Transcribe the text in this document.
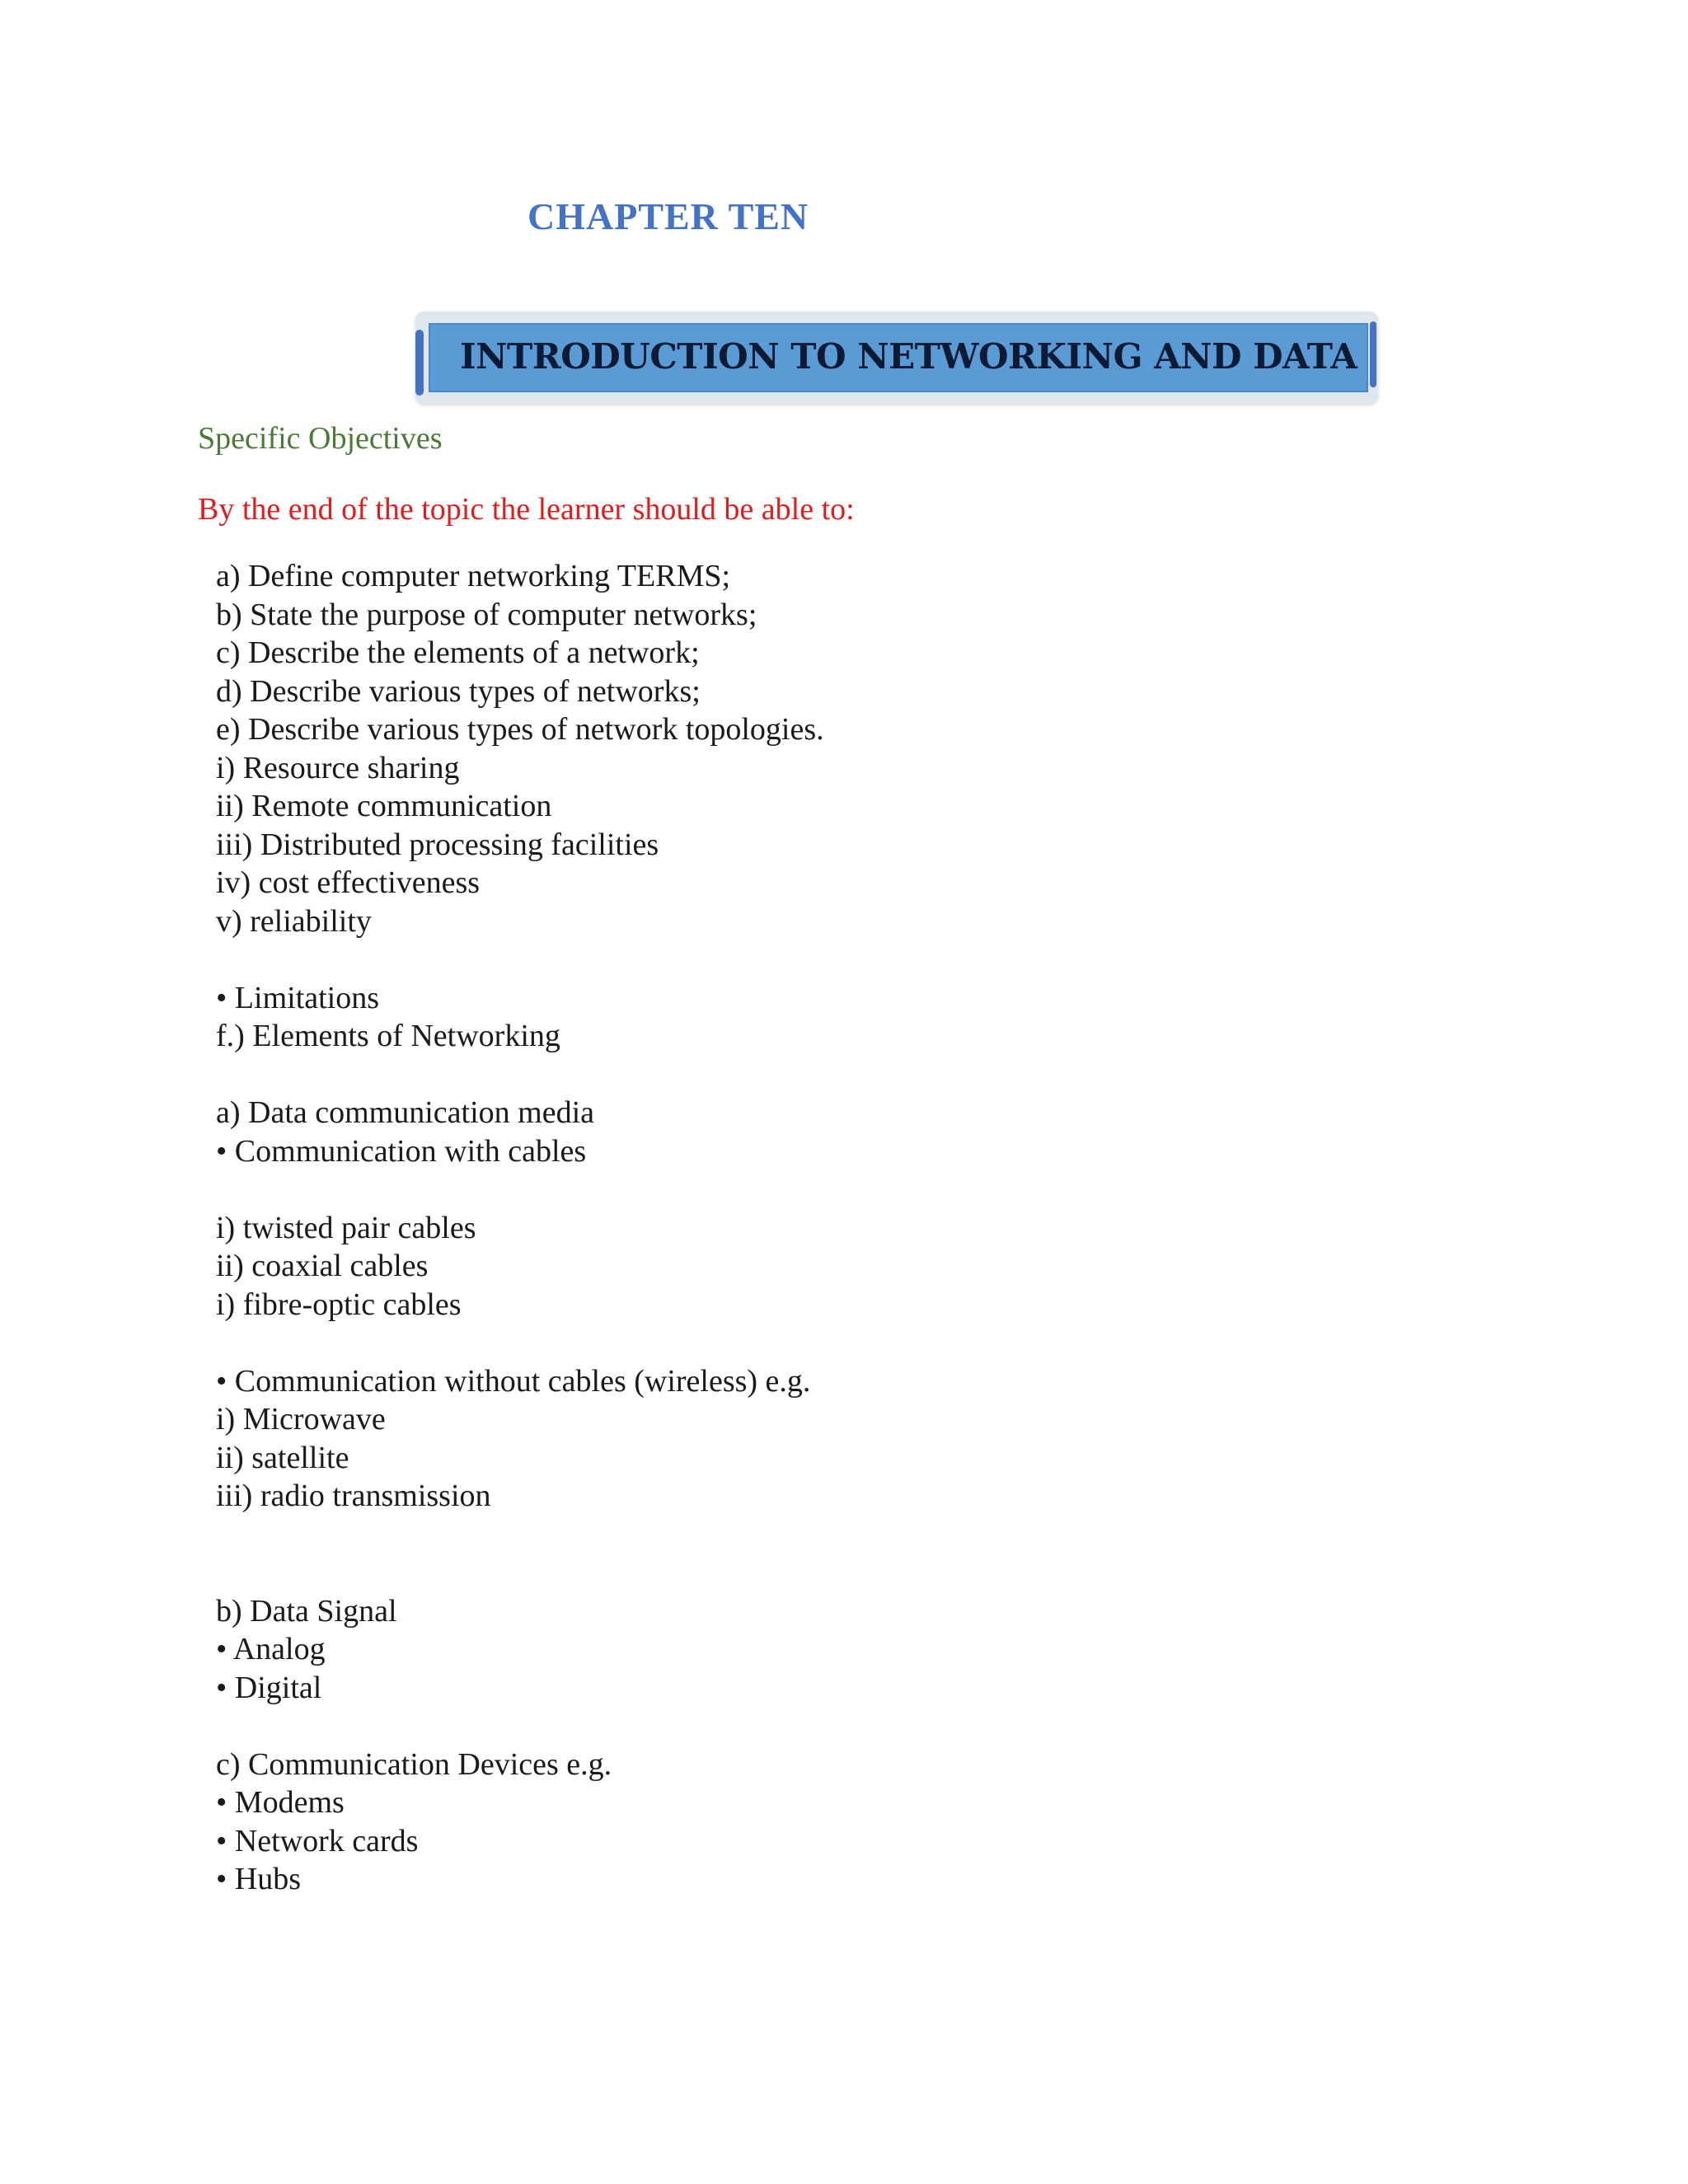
CHAPTER TEN
INTRODUCTION TO NETWORKING AND DATA
Specific Objectives
By the end of the topic the learner should be able to:
a) Define computer networking TERMS;
b) State the purpose of computer networks;
c) Describe the elements of a network;
d) Describe various types of networks;
e) Describe various types of network topologies.
i) Resource sharing
ii) Remote communication
iii) Distributed processing facilities
iv) cost effectiveness
v) reliability
• Limitations
f.) Elements of Networking
a) Data communication media
• Communication with cables
i) twisted pair cables
ii) coaxial cables
i) fibre-optic cables
• Communication without cables (wireless) e.g.
i) Microwave
ii) satellite
iii) radio transmission
b) Data Signal
• Analog
• Digital
c) Communication Devices e.g.
• Modems
• Network cards
• Hubs
